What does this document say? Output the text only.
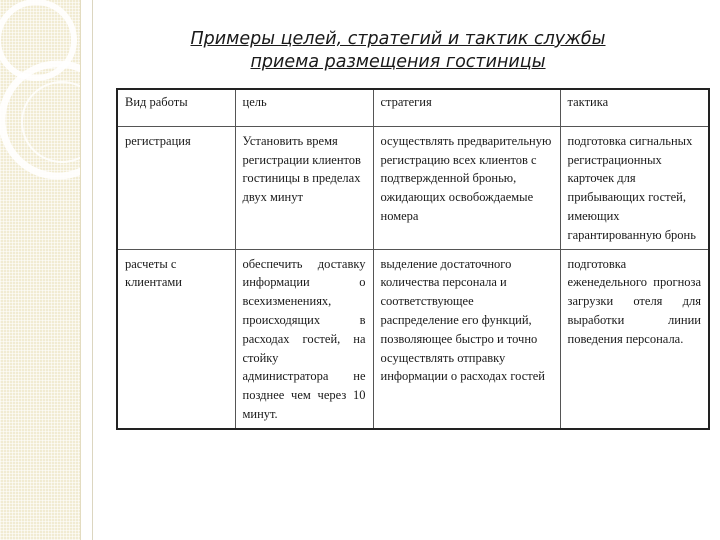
Примеры целей, стратегий и тактик службы
приема размещения гостиницы
Вид работы	цель	стратегия	тактика
регистрация	Установить время регистрации клиентов гостиницы в пределах двух минут	осуществлять предварительную регистрацию всех клиентов с подтвержденной бронью, ожидающих освобождаемые номера	подготовка сигнальных регистрационных карточек для прибывающих гостей, имеющих гарантированную бронь
расчеты с клиентами	обеспечить доставку информации о всехизменениях, происходящих в расходах гостей, на стойку администратора не позднее чем через 10 минут.	выделение достаточного количества персонала и соответствующее распределение его функций, позволяющее быстро и точно осуществлять отправку информации о расходах гостей	подготовка еженедельного прогноза загрузки отеля для выработки линии поведения персонала.
